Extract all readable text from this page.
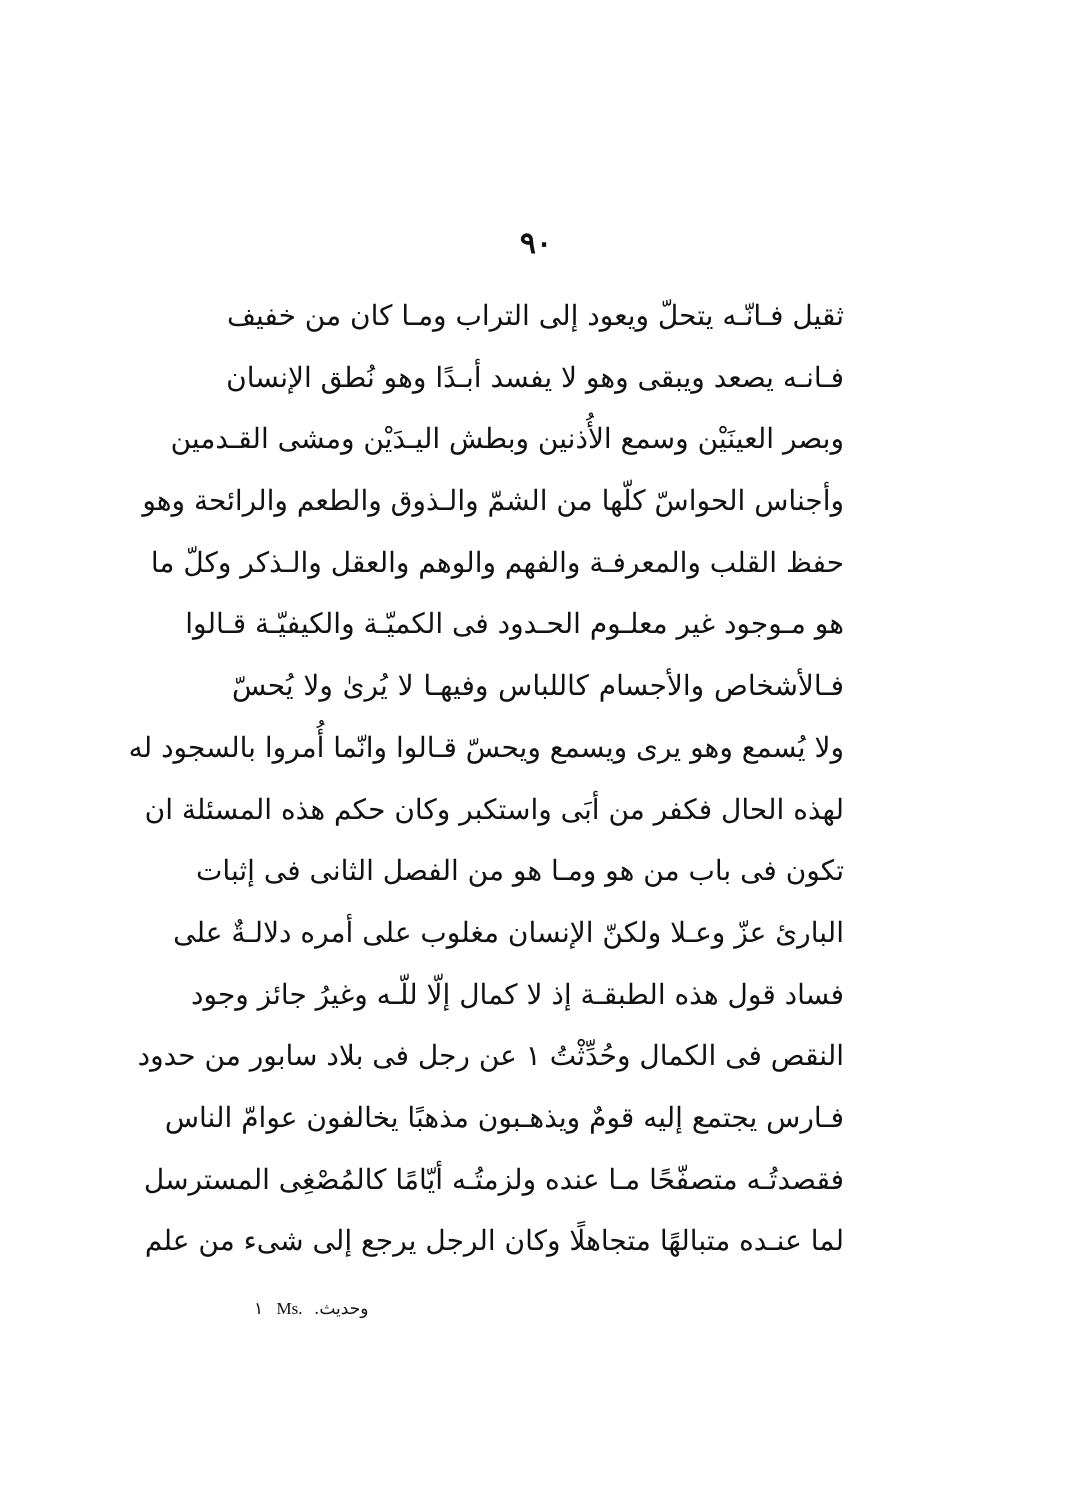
٩٠
ثقيل فـانّـه يتحلّ ويعود إلى التراب ومـا كان من خفيف
فـانـه يصعد ويبقى وهو لا يفسد أبـدًا وهو نُطق الإنسان
وبصر العينَيْن وسمع الأُذنين وبطش اليـدَيْن ومشى القـدمين
وأجناس الحواسّ كلّها من الشمّ والـذوق والطعم والرائحة وهو
حفظ القلب والمعرفـة والفهم والوهم والعقل والـذكر وكلّ ما
هو مـوجود غير معلـوم الحـدود فى الكميّـة والكيفيّـة قـالوا
فـالأشخاص والأجسام كاللباس وفيهـا لا يُرىٰ ولا يُحسّ
ولا يُسمع وهو يرى ويسمع ويحسّ قـالوا وانّما أُمروا بالسجود له
لهذه الحال فكفر من أبَى واستكبر وكان حكم هذه المسئلة ان
تكون فى باب من هو ومـا هو من الفصل الثانى فى إثبات
البارئ عزّ وعـلا ولكنّ الإنسان مغلوب على أمره دلالـةٌ على
فساد قول هذه الطبقـة إذ لا كمال إلّا للّـه وغيرُ جائز وجود
النقص فى الكمال وحُدِّثْتُ ١ عن رجل فى بلاد سابور من حدود
فـارس يجتمع إليه قومٌ ويذهـبون مذهبًا يخالفون عوامّ الناس
فقصدتُـه متصفّحًا مـا عنده ولزمتُـه أيّامًا كالمُصْغِى المسترسل
لما عنـده متبالهًا متجاهلًا وكان الرجل يرجع إلى شىء من علم
١ Ms. وحديث.
